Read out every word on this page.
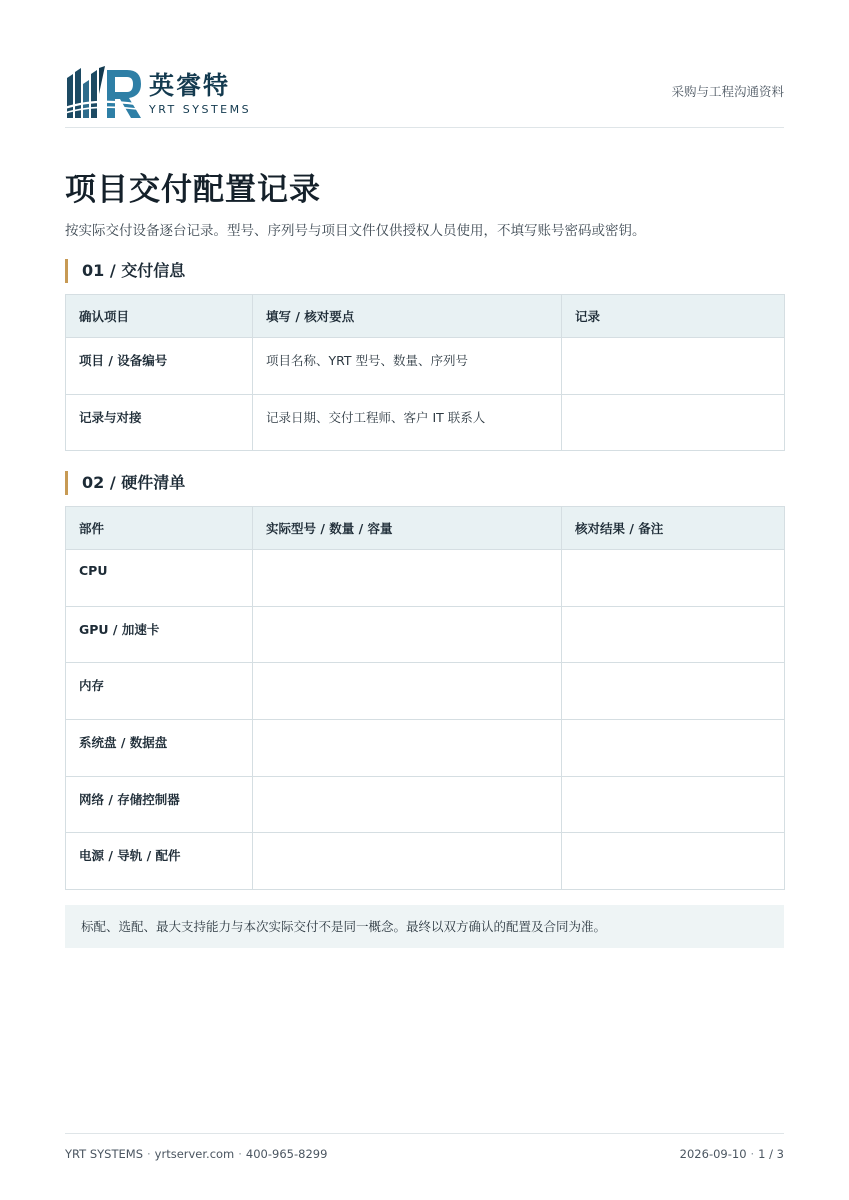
英睿特
YRT SYSTEMS
采购与工程沟通资料
项目交付配置记录
按实际交付设备逐台记录。型号、序列号与项目文件仅供授权人员使用，不填写账号密码或密钥。
01 / 交付信息
确认项目	填写 / 核对要点	记录
项目 / 设备编号	项目名称、YRT 型号、数量、序列号	
记录与对接	记录日期、交付工程师、客户 IT 联系人	
02 / 硬件清单
部件	实际型号 / 数量 / 容量	核对结果 / 备注
CPU		
GPU / 加速卡		
内存		
系统盘 / 数据盘		
网络 / 存储控制器		
电源 / 导轨 / 配件		
标配、选配、最大支持能力与本次实际交付不是同一概念。最终以双方确认的配置及合同为准。
YRT SYSTEMS · yrtserver.com · 400-965-8299	2026-09-10 · 1 / 3
